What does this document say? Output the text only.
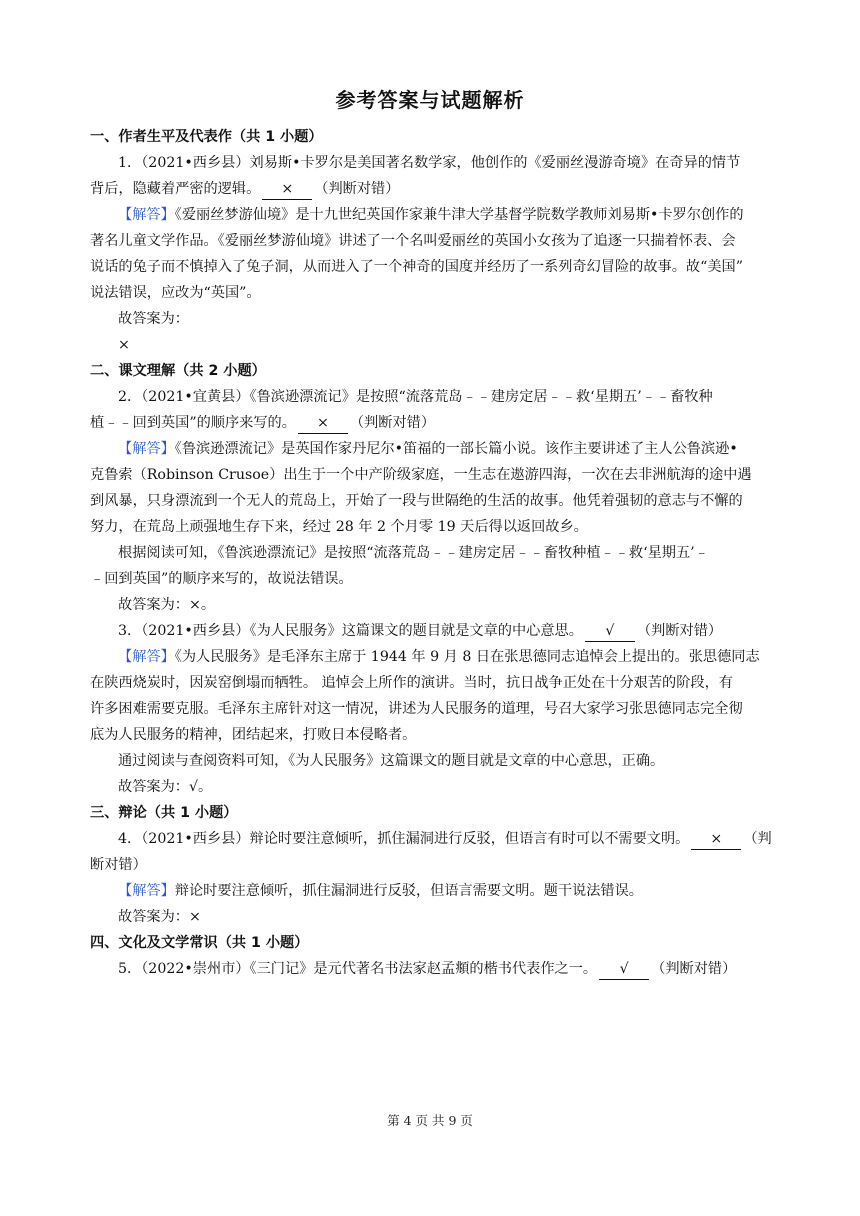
参考答案与试题解析
一、作者生平及代表作（共 1 小题）
1．（2021•西乡县）刘易斯•卡罗尔是美国著名数学家，他创作的《爱丽丝漫游奇境》在奇异的情节
背后，隐藏着严密的逻辑。 × （判断对错）
【解答】《爱丽丝梦游仙境》是十九世纪英国作家兼牛津大学基督学院数学教师刘易斯•卡罗尔创作的
著名儿童文学作品。《爱丽丝梦游仙境》讲述了一个名叫爱丽丝的英国小女孩为了追逐一只揣着怀表、会
说话的兔子而不慎掉入了兔子洞，从而进入了一个神奇的国度并经历了一系列奇幻冒险的故事。故“美国”
说法错误，应改为“英国”。
故答案为：
×
二、课文理解（共 2 小题）
2．（2021•宜黄县）《鲁滨逊漂流记》是按照“流落荒岛﹣﹣建房定居﹣﹣救‘星期五’﹣﹣畜牧种
植﹣﹣回到英国”的顺序来写的。 × （判断对错）
【解答】《鲁滨逊漂流记》是英国作家丹尼尔•笛福的一部长篇小说。该作主要讲述了主人公鲁滨逊•
克鲁索（Robinson Crusoe）出生于一个中产阶级家庭，一生志在遨游四海，一次在去非洲航海的途中遇
到风暴，只身漂流到一个无人的荒岛上，开始了一段与世隔绝的生活的故事。他凭着强韧的意志与不懈的
努力，在荒岛上顽强地生存下来，经过 28 年 2 个月零 19 天后得以返回故乡。
根据阅读可知，《鲁滨逊漂流记》是按照“流落荒岛﹣﹣建房定居﹣﹣畜牧种植﹣﹣救‘星期五’﹣
﹣回到英国”的顺序来写的，故说法错误。
故答案为：×。
3．（2021•西乡县）《为人民服务》这篇课文的题目就是文章的中心意思。 √ （判断对错）
【解答】《为人民服务》是毛泽东主席于 1944 年 9 月 8 日在张思德同志追悼会上提出的。张思德同志
在陕西烧炭时，因炭窑倒塌而牺牲。 追悼会上所作的演讲。当时，抗日战争正处在十分艰苦的阶段，有
许多困难需要克服。毛泽东主席针对这一情况，讲述为人民服务的道理，号召大家学习张思德同志完全彻
底为人民服务的精神，团结起来，打败日本侵略者。
通过阅读与查阅资料可知，《为人民服务》这篇课文的题目就是文章的中心意思，正确。
故答案为：√。
三、辩论（共 1 小题）
4．（2021•西乡县）辩论时要注意倾听，抓住漏洞进行反驳，但语言有时可以不需要文明。 × （判
断对错）
【解答】辩论时要注意倾听，抓住漏洞进行反驳，但语言需要文明。题干说法错误。
故答案为：×
四、文化及文学常识（共 1 小题）
5．（2022•崇州市）《三门记》是元代著名书法家赵孟頫的楷书代表作之一。 √ （判断对错）
第 4 页 共 9 页
